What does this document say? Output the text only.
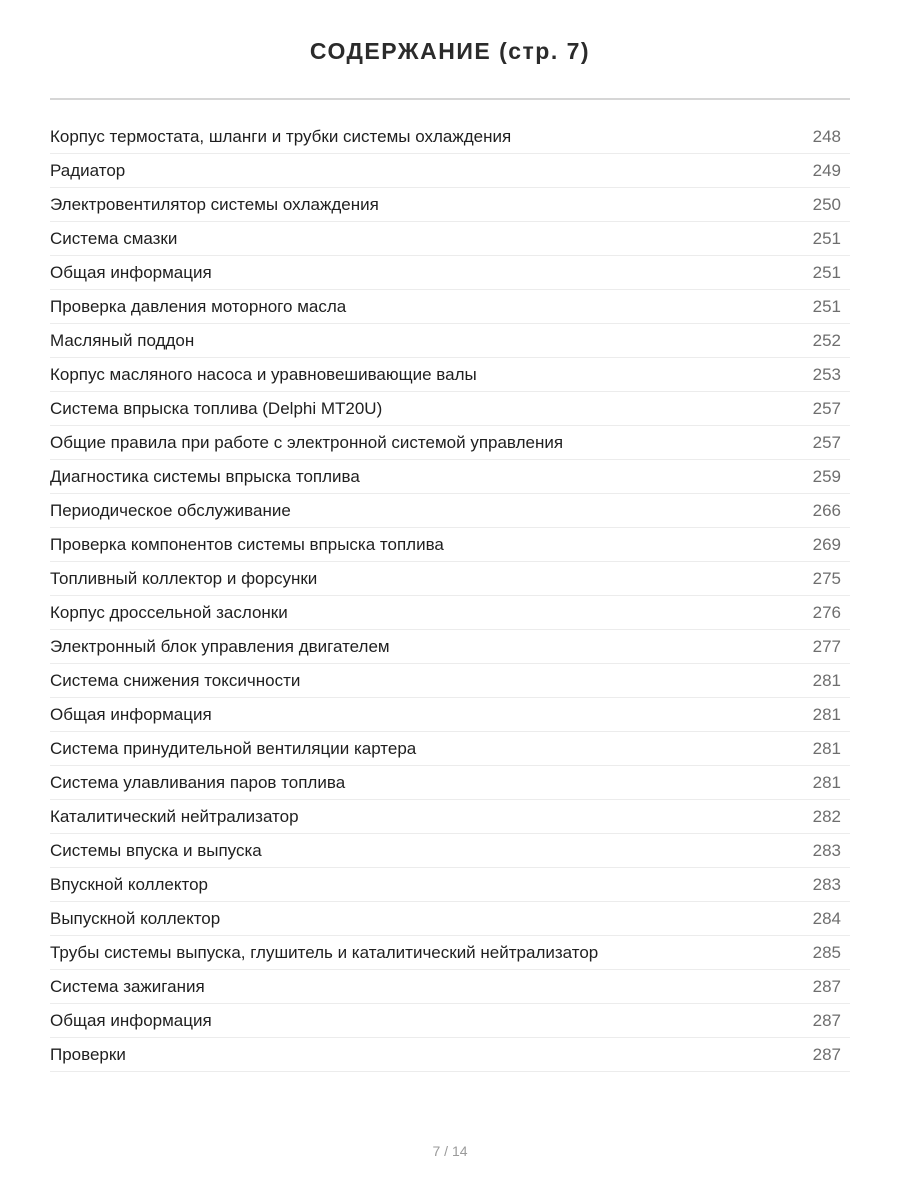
СОДЕРЖАНИЕ (стр. 7)
Корпус термостата, шланги и трубки системы охлаждения	248
Радиатор	249
Электровентилятор системы охлаждения	250
Система смазки	251
Общая информация	251
Проверка давления моторного масла	251
Масляный поддон	252
Корпус масляного насоса и уравновешивающие валы	253
Система впрыска топлива (Delphi MT20U)	257
Общие правила при работе с электронной системой управления	257
Диагностика системы впрыска топлива	259
Периодическое обслуживание	266
Проверка компонентов системы впрыска топлива	269
Топливный коллектор и форсунки	275
Корпус дроссельной заслонки	276
Электронный блок управления двигателем	277
Система снижения токсичности	281
Общая информация	281
Система принудительной вентиляции картера	281
Система улавливания паров топлива	281
Каталитический нейтрализатор	282
Системы впуска и выпуска	283
Впускной коллектор	283
Выпускной коллектор	284
Трубы системы выпуска, глушитель и каталитический нейтрализатор	285
Система зажигания	287
Общая информация	287
Проверки	287
7 / 14
